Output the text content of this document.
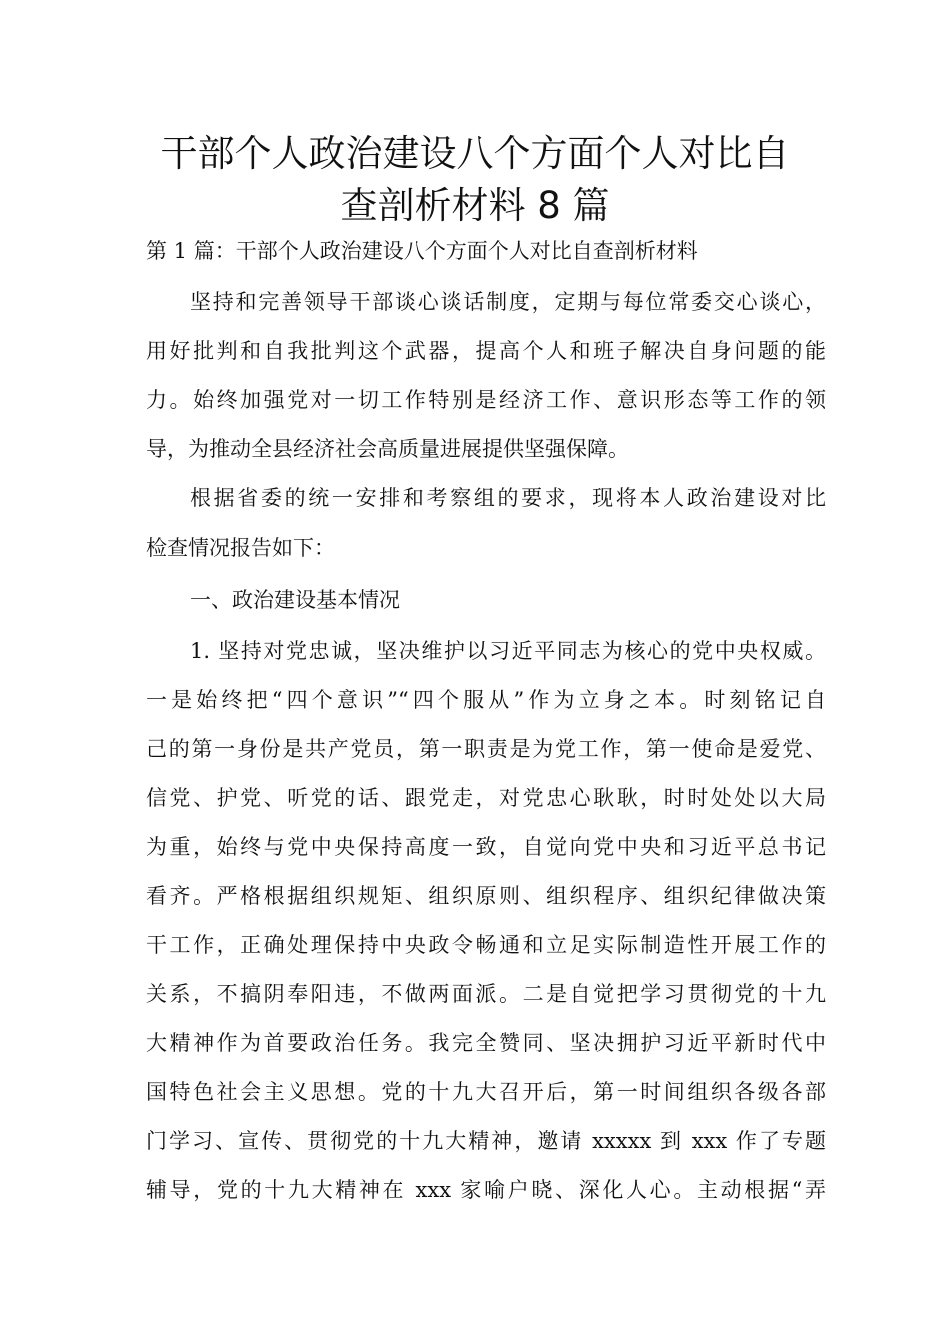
干部个人政治建设八个方面个人对比自
查剖析材料 8 篇

第 1 篇：干部个人政治建设八个方面个人对比自查剖析材料

坚持和完善领导干部谈心谈话制度，定期与每位常委交心谈心，

用好批判和自我批判这个武器，提高个人和班子解决自身问题的能

力。始终加强党对一切工作特别是经济工作、意识形态等工作的领

导，为推动全县经济社会高质量进展提供坚强保障。

根据省委的统一安排和考察组的要求，现将本人政治建设对比

检查情况报告如下：

一、政治建设基本情况

1. 坚持对党忠诚，坚决维护以习近平同志为核心的党中央权威。

一是始终把“四个意识”“四个服从”作为立身之本。时刻铭记自

己的第一身份是共产党员，第一职责是为党工作，第一使命是爱党、

信党、护党、听党的话、跟党走，对党忠心耿耿，时时处处以大局

为重，始终与党中央保持高度一致，自觉向党中央和习近平总书记

看齐。严格根据组织规矩、组织原则、组织程序、组织纪律做决策

干工作，正确处理保持中央政令畅通和立足实际制造性开展工作的

关系，不搞阴奉阳违，不做两面派。二是自觉把学习贯彻党的十九

大精神作为首要政治任务。我完全赞同、坚决拥护习近平新时代中

国特色社会主义思想。党的十九大召开后，第一时间组织各级各部

门学习、宣传、贯彻党的十九大精神，邀请 xxxxx 到 xxx 作了专题

辅导，党的十九大精神在 xxx 家喻户晓、深化人心。主动根据“弄
